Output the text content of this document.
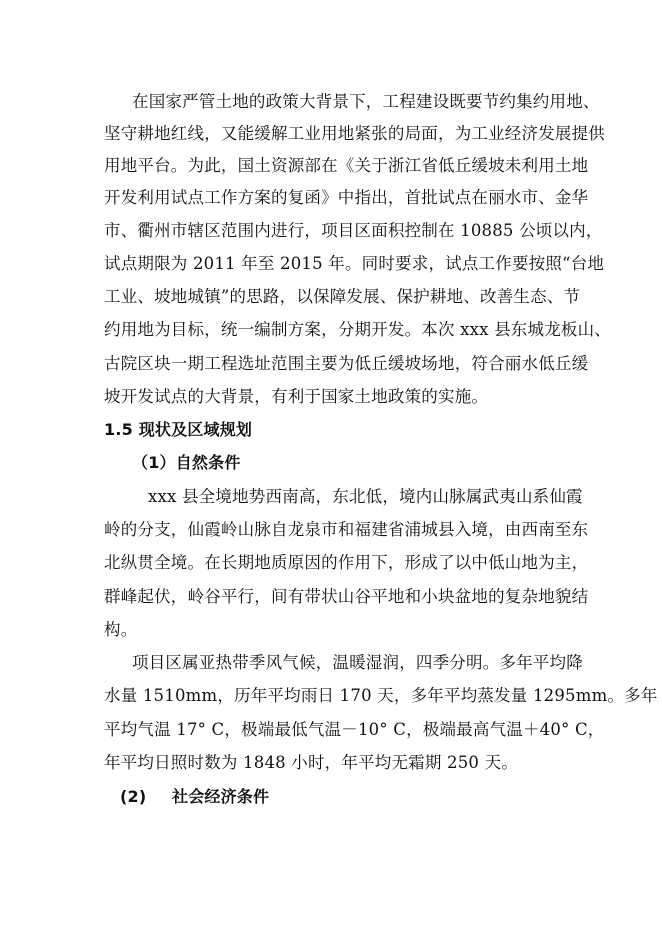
在国家严管土地的政策大背景下，工程建设既要节约集约用地、
坚守耕地红线，又能缓解工业用地紧张的局面，为工业经济发展提供
用地平台。为此，国土资源部在《关于浙江省低丘缓坡未利用土地
开发利用试点工作方案的复函》中指出，首批试点在丽水市、金华
市、衢州市辖区范围内进行，项目区面积控制在 10885 公顷以内，
试点期限为 2011 年至 2015 年。同时要求，试点工作要按照“台地
工业、坡地城镇”的思路，以保障发展、保护耕地、改善生态、节
约用地为目标，统一编制方案，分期开发。本次 xxx 县东城龙板山、
古院区块一期工程选址范围主要为低丘缓坡场地，符合丽水低丘缓
坡开发试点的大背景，有利于国家土地政策的实施。
1.5 现状及区域规划
（1）自然条件
xxx 县全境地势西南高，东北低，境内山脉属武夷山系仙霞
岭的分支，仙霞岭山脉自龙泉市和福建省浦城县入境，由西南至东
北纵贯全境。在长期地质原因的作用下，形成了以中低山地为主，
群峰起伏，岭谷平行，间有带状山谷平地和小块盆地的复杂地貌结
构。
项目区属亚热带季风气候，温暖湿润，四季分明。多年平均降
水量 1510mm，历年平均雨日 170 天，多年平均蒸发量 1295mm。多年
平均气温 17° C，极端最低气温－10° C，极端最高气温＋40° C，
年平均日照时数为 1848 小时，年平均无霜期 250 天。
(2) 社会经济条件
